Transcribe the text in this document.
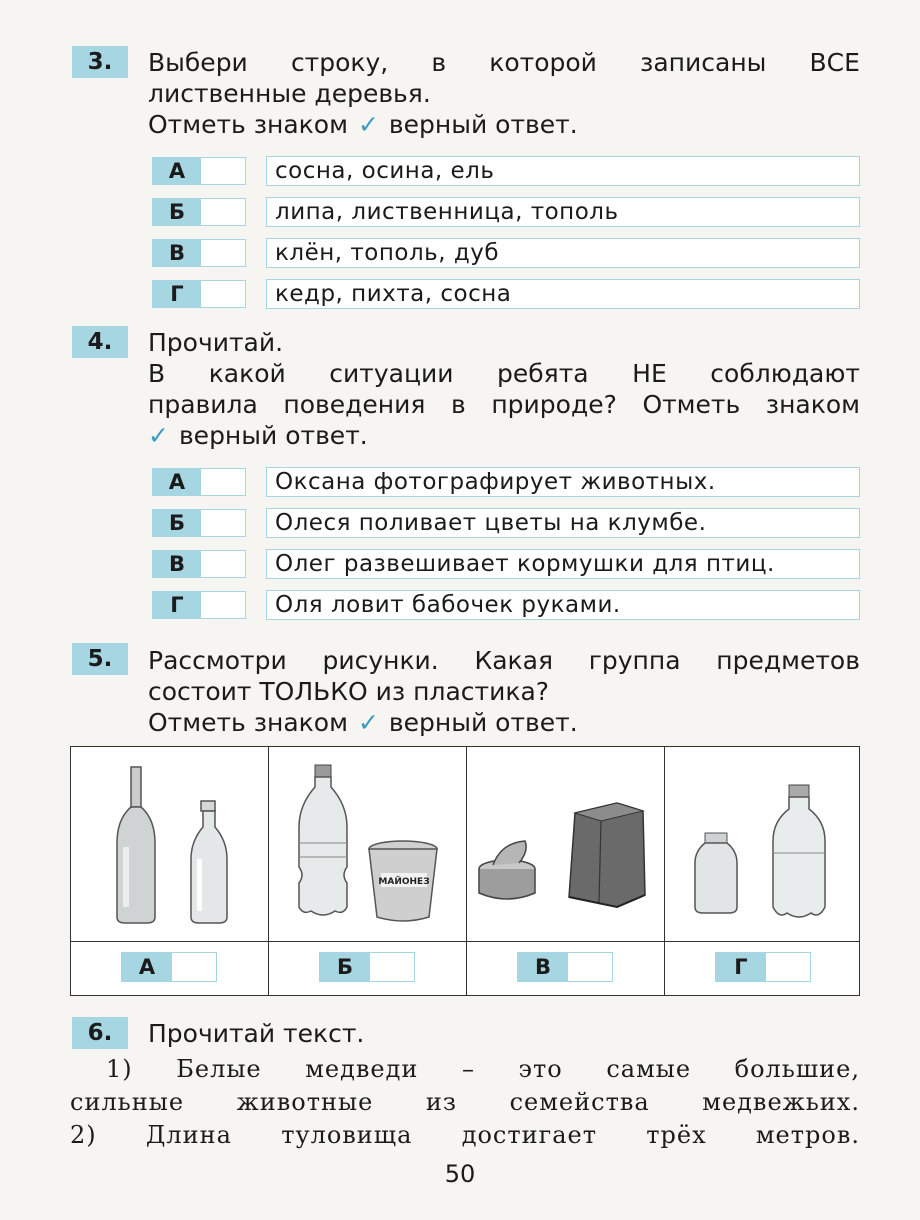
3.	Выбери строку, в которой записаны ВСЕ
лиственные деревья.
Отметь знаком ✓ верный ответ.
А	сосна, осина, ель
Б	липа, лиственница, тополь
В	клён, тополь, дуб
Г	кедр, пихта, сосна
4.	Прочитай.
В какой ситуации ребята НЕ соблюдают
правила поведения в природе? Отметь знаком
✓ верный ответ.
А	Оксана фотографирует животных.
Б	Олеся поливает цветы на клумбе.
В	Олег развешивает кормушки для птиц.
Г	Оля ловит бабочек руками.
5.	Рассмотри рисунки. Какая группа предметов
состоит ТОЛЬКО из пластика?
Отметь знаком ✓ верный ответ.
МАЙОНЕЗ
А	Б	В	Г
6.	Прочитай текст.
1) Белые медведи – это самые большие,
сильные животные из семейства медвежьих.
2) Длина туловища достигает трёх метров.
50
